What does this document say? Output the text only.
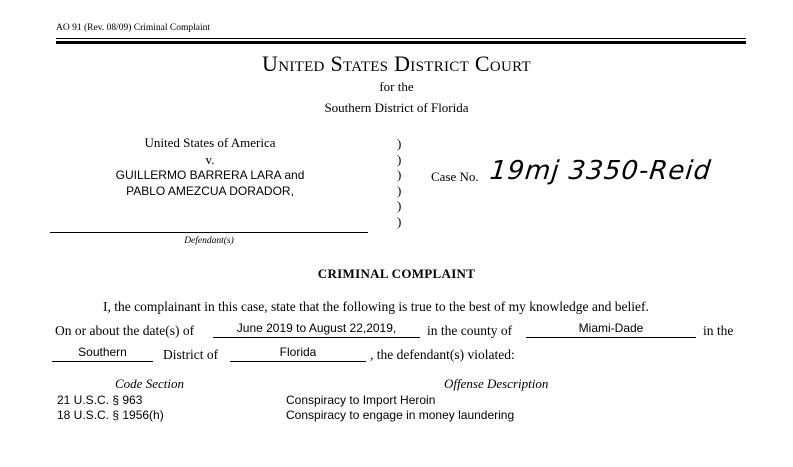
AO 91 (Rev. 08/09) Criminal Complaint
United States District Court
for the
Southern District of Florida
United States of America
v.
GUILLERMO BARRERA LARA and
PABLO AMEZCUA DORADOR,
)
)
)
)
)
)
Case No. 19mj 3350-Reid
Defendant(s)
CRIMINAL COMPLAINT
I, the complainant in this case, state that the following is true to the best of my knowledge and belief.
On or about the date(s) of	June 2019 to August 22,2019,	in the county of	Miami-Dade	in the
Southern	District of	Florida	, the defendant(s) violated:
Code Section	Offense Description
21 U.S.C. § 963	Conspiracy to Import Heroin
18 U.S.C. § 1956(h)	Conspiracy to engage in money laundering
